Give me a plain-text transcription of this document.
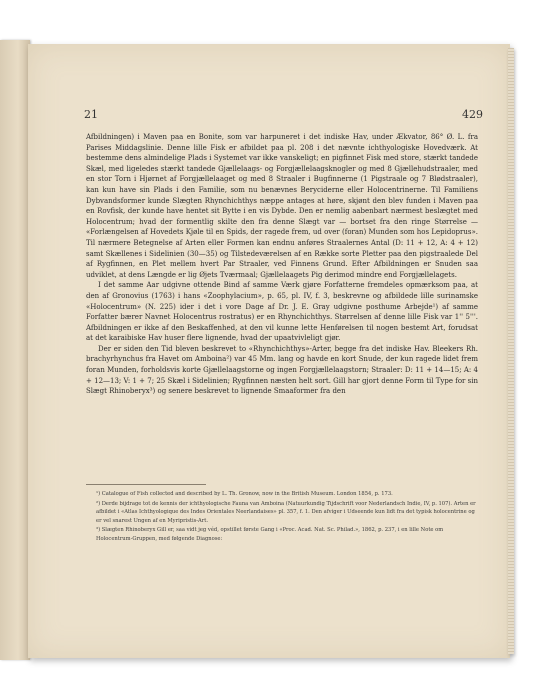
21	429

Afbildningen) i Maven paa en Bonite, som var harpuneret i det indiske Hav, under Ækvator, 86° Ø. L. fra Parises Middagslinie. Denne lille Fisk er afbildet paa pl. 208 i det nævnte ichthyologiske Hovedværk. At bestemme dens almindelige Plads i Systemet var ikke vanskeligt; en pigfinnet Fisk med store, stærkt tandede Skæl, med ligeledes stærkt tandede Gjællelaags- og Forgjællelaagsknogler og med 8 Gjællehudstraaler, med en stor Torn i Hjørnet af Forgjællelaaget og med 8 Straaler i Bugfinnerne (1 Pigstraale og 7 Blødstraaler), kan kun have sin Plads i den Familie, som nu benævnes Beryciderne eller Holocentrinerne. Til Familiens Dybvandsformer kunde Slægten Rhynchichthys næppe antages at høre, skjønt den blev funden i Maven paa en Rovfisk, der kunde have hentet sit Bytte i en vis Dybde. Den er nemlig aabenbart nærmest beslægtet med Holocentrum; hvad der formentlig skilte den fra denne Slægt var — bortset fra den ringe Størrelse — «Forlængelsen af Hovedets Kjøle til en Spids, der ragede frem, ud over (foran) Munden som hos Lepidoprus». Til nærmere Betegnelse af Arten eller Formen kan endnu anføres Straalernes Antal (D: 11 + 12, A: 4 + 12) samt Skællenes i Sidelinien (30—35) og Tilstedeværelsen af en Række sorte Pletter paa den pigstraalede Del af Rygfinnen, en Plet mellem hvert Par Straaler, ved Finnens Grund. Efter Afbildningen er Snuden saa udviklet, at dens Længde er lig Øjets Tværmaal; Gjællelaagets Pig derimod mindre end Forgjællelagets.

I det samme Aar udgivne ottende Bind af samme Værk gjøre Forfatterne fremdeles opmærksom paa, at den af Gronovius (1763) i hans «Zoophylacium», p. 65, pl. IV, f. 3, beskrevne og afbildede lille surinamske «Holocentrum» (N. 225) ider i det i vore Dage af Dr. J. E. Gray udgivne posthume Arbejde¹) af samme Forfatter bærer Navnet Holocentrus rostratus) er en Rhynchichthys. Størrelsen af denne lille Fisk var 1'' 5'''. Afbildningen er ikke af den Beskaffenhed, at den vil kunne lette Henførelsen til nogen bestemt Art, forudsat at det karaibiske Hav huser flere lignende, hvad der upaatvivleligt gjør.

Der er siden den Tid bleven beskrevet to «Rhynchichthys»-Arter, begge fra det indiske Hav. Bleekers Rh. brachyrhynchus fra Havet om Amboina²) var 45 Mm. lang og havde en kort Snude, der kun ragede lidet frem foran Munden, forholdsvis korte Gjællelaagstorne og ingen Forgjællelaagstorn; Straaler: D: 11 + 14—15; A: 4 + 12—13; V: 1 + 7; 25 Skæl i Sidelinien; Rygfinnen næsten helt sort. Gill har gjort denne Form til Type for sin Slægt Rhinoberyx³) og senere beskrevet to lignende Smaaformer fra den

¹) Catalogue of Fish collected and described by L. Th. Gronow, now in the British Museum. London 1854, p. 173.
²) Derde bijdrage tot de kennis der ichthyologische Fauna van Amboina (Natuurkundig Tijdschrift voor Nederlandsch Indie, IV, p. 107). Arten er afbildet i «Atlas Ichthyologique des Indes Orientales Neerlandaises» pl. 357, f. 1. Den afviger i Udseende kun lidt fra det typisk holocentrine og er vel snarest Ungen af en Myripristis-Art.
³) Slægten Rhinoberyx Gill er, saa vidt jeg véd, opstillet første Gang i «Proc. Acad. Nat. Sc. Philad.», 1862, p. 237, i en lille Note om Holocentrum-Gruppen, med følgende Diagnose:
